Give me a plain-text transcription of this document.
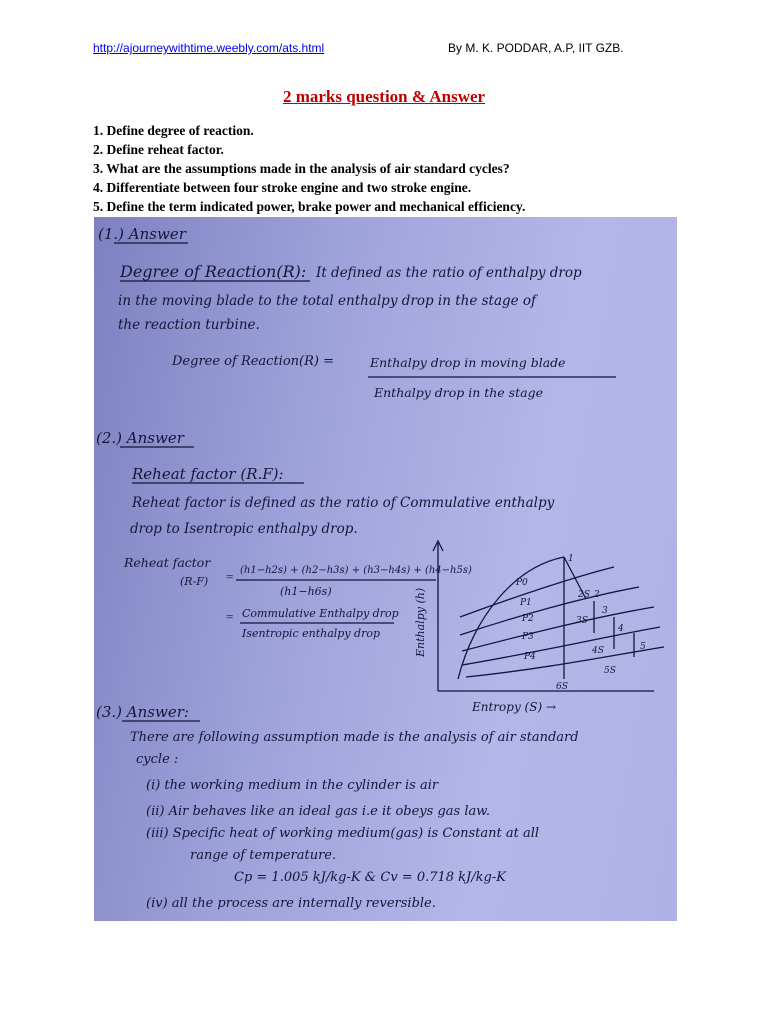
http://ajourneywithtime.weebly.com/ats.html	By M. K. PODDAR, A.P, IIT GZB.
2 marks question & Answer
1. Define degree of reaction.
2. Define reheat factor.
3. What are the assumptions made in the analysis of air standard cycles?
4. Differentiate between four stroke engine and two stroke engine.
5. Define the term indicated power, brake power and mechanical efficiency.
(1.) Answer
Degree of Reaction(R): It defined as the ratio of enthalpy drop
in the moving blade to the total enthalpy drop in the stage of
the reaction turbine.
Degree of Reaction(R) =	Enthalpy drop in moving blade
Enthalpy drop in the stage
(2.) Answer
Reheat factor (R.F):
Reheat factor is defined as the ratio of Commulative enthalpy
drop to Isentropic enthalpy drop.
Reheat factor
(R-F) = (h1−h2s) + (h2−h3s) + (h3−h4s) + (h4−h5s)
(h1−h6s)
= Commulative Enthalpy drop
Isentropic enthalpy drop	Enthalpy (h)
Entropy (S) →
1
P0
2S 2
P1
3S
3
P2
4
P3
4S
P4
5
5S
6S
(3.) Answer:
There are following assumption made is the analysis of air standard
cycle :
(i) the working medium in the cylinder is air
(ii) Air behaves like an ideal gas i.e it obeys gas law.
(iii) Specific heat of working medium(gas) is Constant at all
range of temperature.
Cp = 1.005 kJ/kg-K & Cv = 0.718 kJ/kg-K
(iv) all the process are internally reversible.
